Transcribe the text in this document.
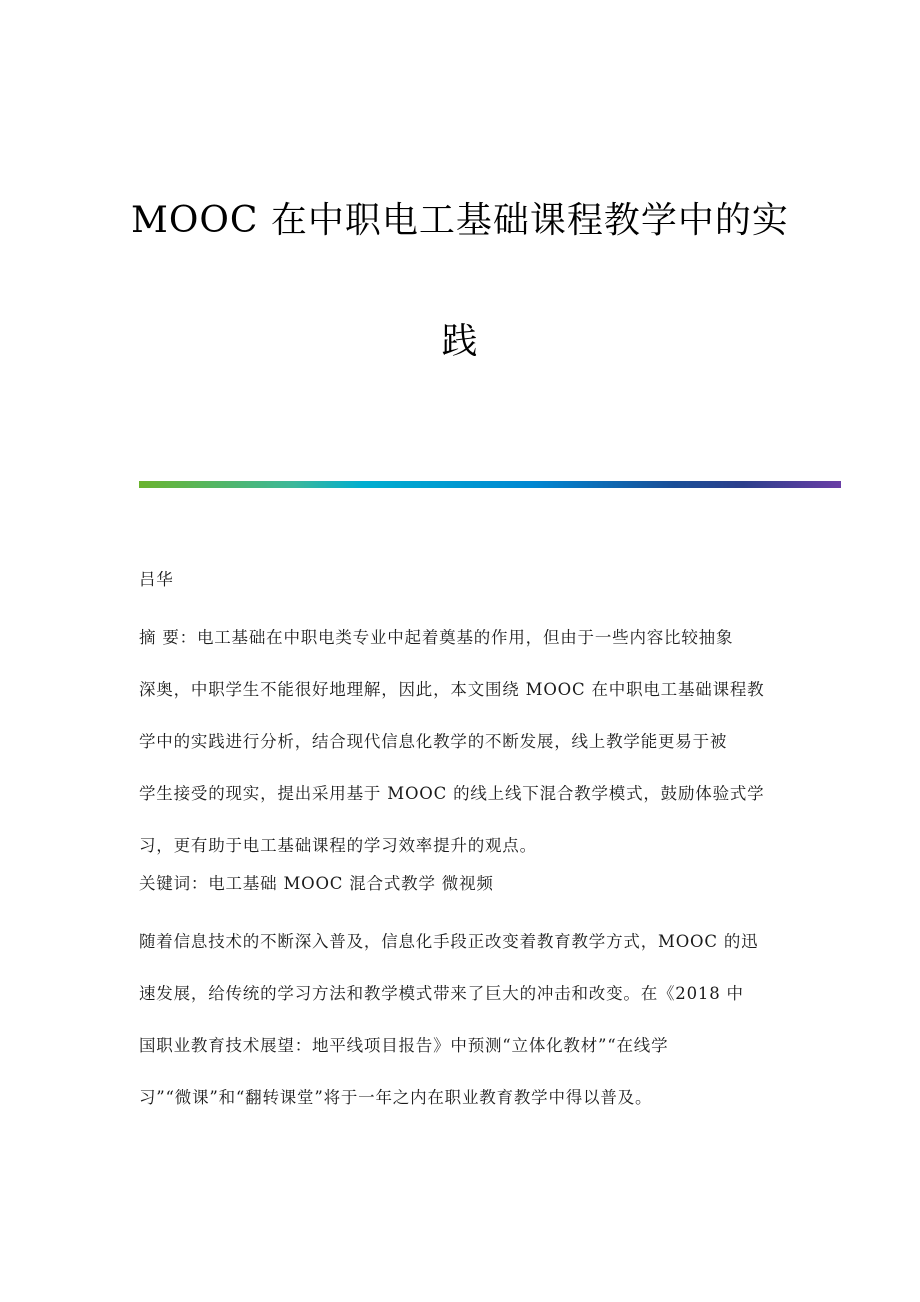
MOOC 在中职电工基础课程教学中的实
践

吕华

摘 要：电工基础在中职电类专业中起着奠基的作用，但由于一些内容比较抽象
深奥，中职学生不能很好地理解，因此，本文围绕 MOOC 在中职电工基础课程教
学中的实践进行分析，结合现代信息化教学的不断发展，线上教学能更易于被
学生接受的现实，提出采用基于 MOOC 的线上线下混合教学模式，鼓励体验式学
习，更有助于电工基础课程的学习效率提升的观点。

关键词：电工基础 MOOC 混合式教学 微视频

随着信息技术的不断深入普及，信息化手段正改变着教育教学方式，MOOC 的迅
速发展，给传统的学习方法和教学模式带来了巨大的冲击和改变。在《2018 中
国职业教育技术展望：地平线项目报告》中预测“立体化教材”“在线学
习”“微课”和“翻转课堂”将于一年之内在职业教育教学中得以普及。
